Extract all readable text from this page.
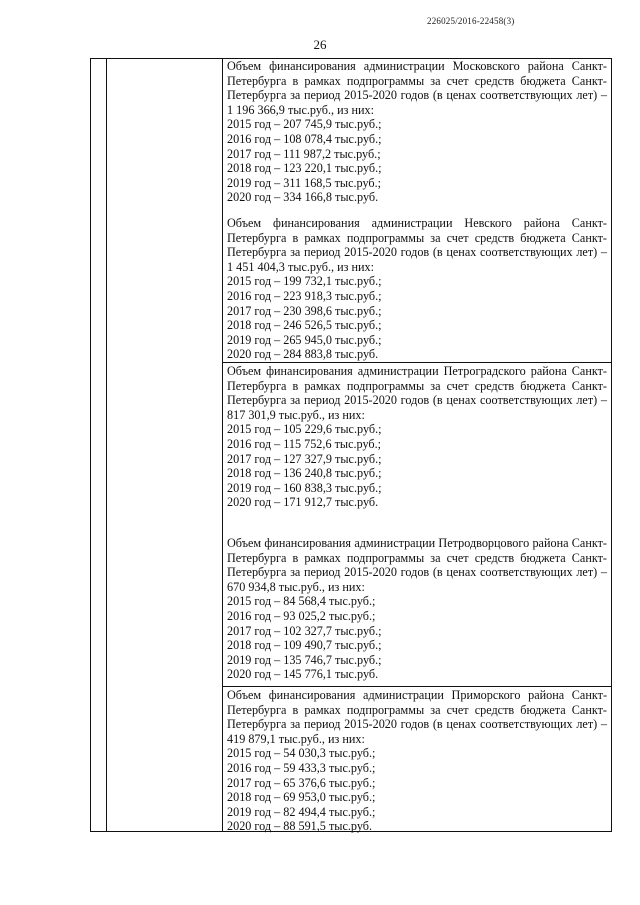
226025/2016-22458(3)
26

Объем финансирования администрации Московского района Санкт-Петербурга в рамках подпрограммы за счет средств бюджета Санкт-Петербурга за период 2015-2020 годов (в ценах соответствующих лет) – 1 196 366,9 тыс.руб., из них:

2015 год – 207 745,9 тыс.руб.;

2016 год – 108 078,4 тыс.руб.;

2017 год – 111 987,2 тыс.руб.;

2018 год – 123 220,1 тыс.руб.;

2019 год – 311 168,5 тыс.руб.;

2020 год – 334 166,8 тыс.руб.

Объем финансирования администрации Невского района Санкт-Петербурга в рамках подпрограммы за счет средств бюджета Санкт-Петербурга за период 2015-2020 годов (в ценах соответствующих лет) – 1 451 404,3 тыс.руб., из них:

2015 год – 199 732,1 тыс.руб.;

2016 год – 223 918,3 тыс.руб.;

2017 год – 230 398,6 тыс.руб.;

2018 год – 246 526,5 тыс.руб.;

2019 год – 265 945,0 тыс.руб.;

2020 год – 284 883,8 тыс.руб.

Объем финансирования администрации Петроградского района Санкт-Петербурга в рамках подпрограммы за счет средств бюджета Санкт-Петербурга за период 2015-2020 годов (в ценах соответствующих лет) – 817 301,9 тыс.руб., из них:

2015 год – 105 229,6 тыс.руб.;

2016 год – 115 752,6 тыс.руб.;

2017 год – 127 327,9 тыс.руб.;

2018 год – 136 240,8 тыс.руб.;

2019 год – 160 838,3 тыс.руб.;

2020 год – 171 912,7 тыс.руб.

Объем финансирования администрации Петродворцового района Санкт-Петербурга в рамках подпрограммы за счет средств бюджета Санкт-Петербурга за период 2015-2020 годов (в ценах соответствующих лет) – 670 934,8 тыс.руб., из них:

2015 год – 84 568,4 тыс.руб.;

2016 год – 93 025,2 тыс.руб.;

2017 год – 102 327,7 тыс.руб.;

2018 год – 109 490,7 тыс.руб.;

2019 год – 135 746,7 тыс.руб.;

2020 год – 145 776,1 тыс.руб.

Объем финансирования администрации Приморского района Санкт-Петербурга в рамках подпрограммы за счет средств бюджета Санкт-Петербурга за период 2015-2020 годов (в ценах соответствующих лет) – 419 879,1 тыс.руб., из них:

2015 год – 54 030,3 тыс.руб.;

2016 год – 59 433,3 тыс.руб.;

2017 год – 65 376,6 тыс.руб.;

2018 год – 69 953,0 тыс.руб.;

2019 год – 82 494,4 тыс.руб.;

2020 год – 88 591,5 тыс.руб.
